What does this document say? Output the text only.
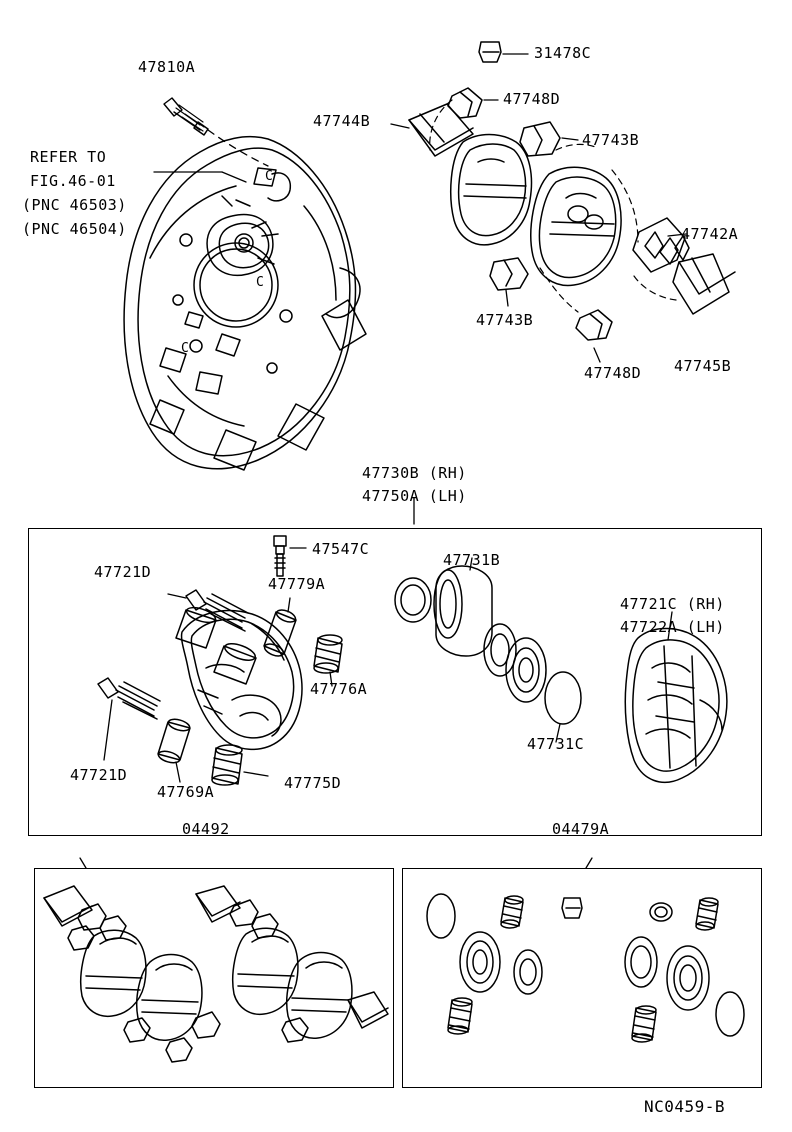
C
C
C
47810A
31478C
47744B
47748D
47743B
47742A
47743B
47748D 47745B
REFER TO
FIG.46-01
(PNC 46503)
(PNC 46504)
47730B (RH)
47750A (LH)
47547C
47721D
47779A
47731B
47721C (RH)
47722A (LH)
47776A
47731C
47721D
47769A	47775D
04492	04479A
NC0459-B
